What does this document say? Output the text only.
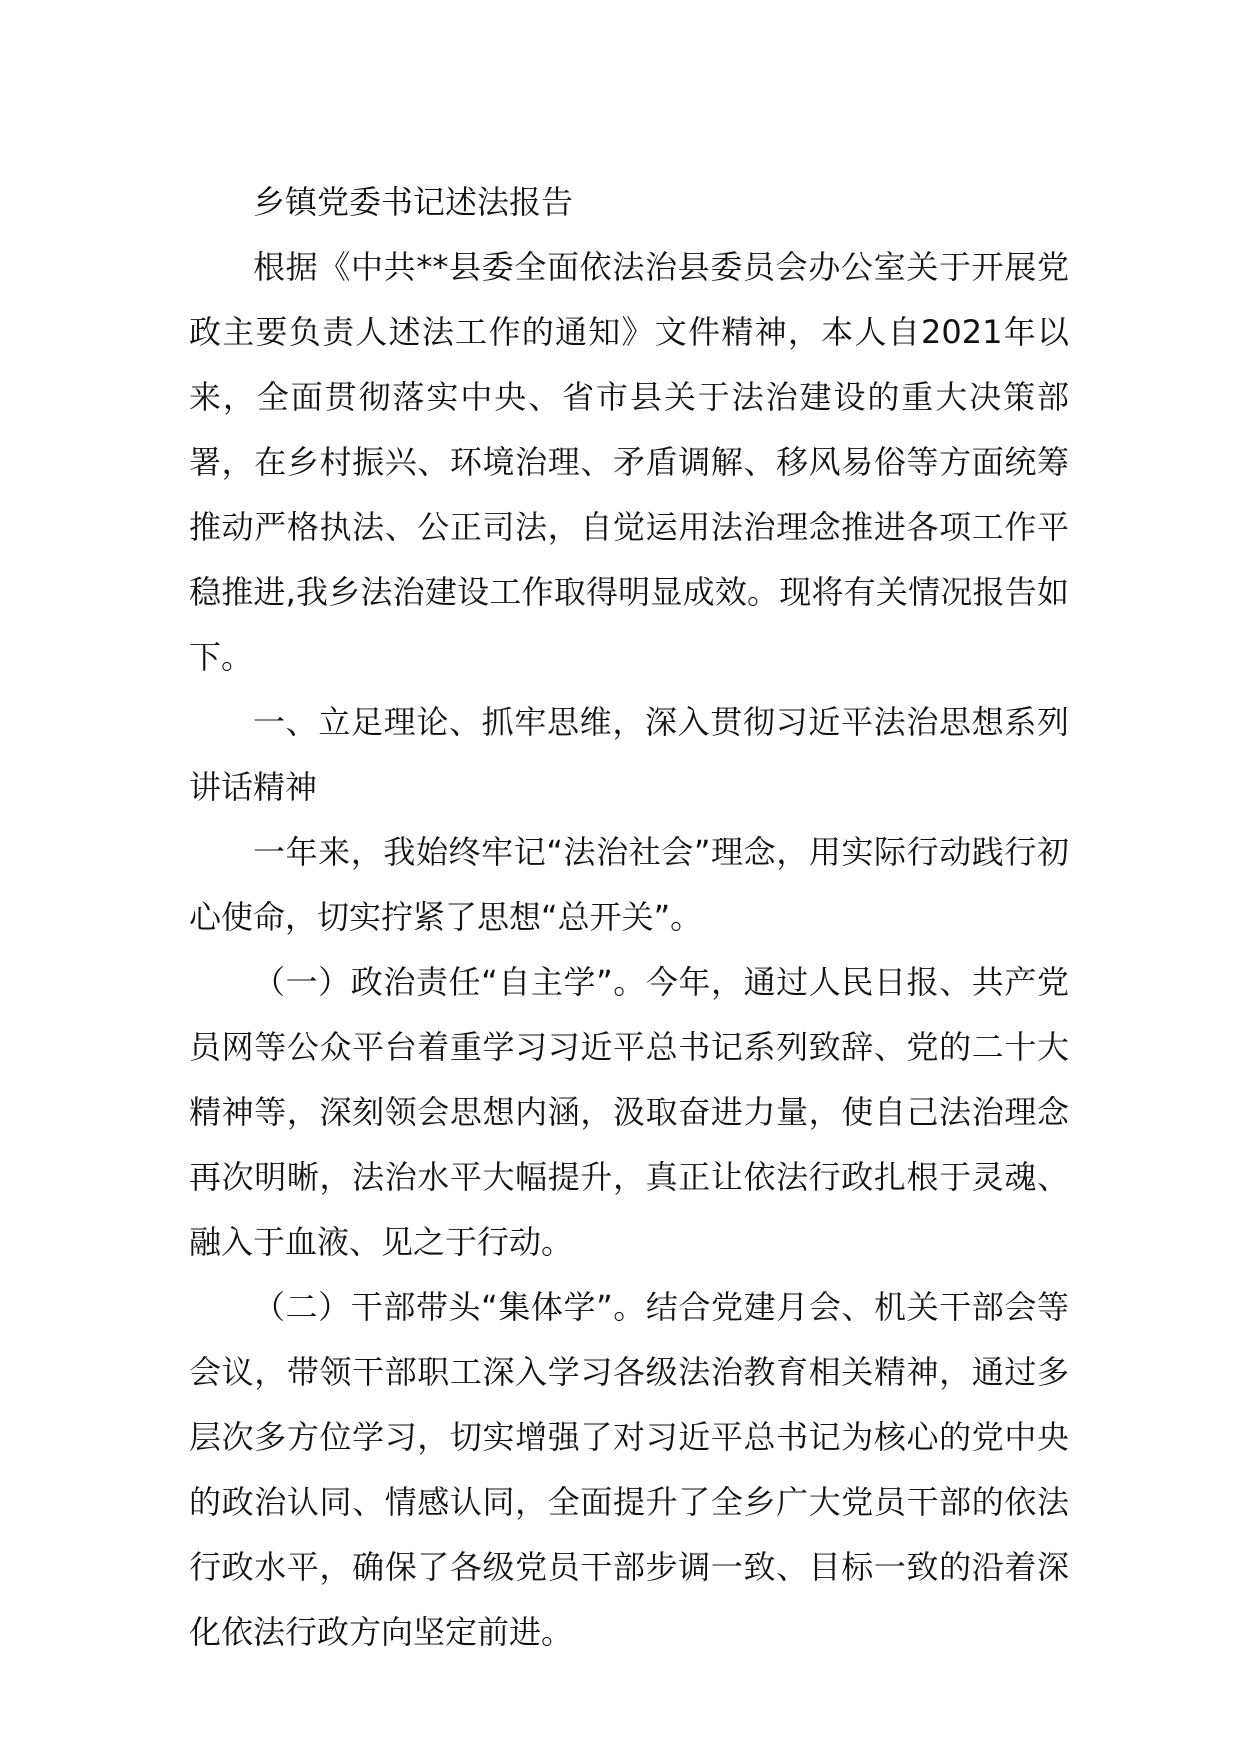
乡镇党委书记述法报告

根据《中共**县委全面依法治县委员会办公室关于开展党政主要负责人述法工作的通知》文件精神，本人自2021年以来，全面贯彻落实中央、省市县关于法治建设的重大决策部署，在乡村振兴、环境治理、矛盾调解、移风易俗等方面统筹推动严格执法、公正司法，自觉运用法治理念推进各项工作平稳推进,我乡法治建设工作取得明显成效。现将有关情况报告如下。

一、立足理论、抓牢思维，深入贯彻习近平法治思想系列讲话精神

一年来，我始终牢记“法治社会”理念，用实际行动践行初心使命，切实拧紧了思想“总开关”。

（一）政治责任“自主学”。今年，通过人民日报、共产党员网等公众平台着重学习习近平总书记系列致辞、党的二十大精神等，深刻领会思想内涵，汲取奋进力量，使自己法治理念再次明晰，法治水平大幅提升，真正让依法行政扎根于灵魂、融入于血液、见之于行动。

（二）干部带头“集体学”。结合党建月会、机关干部会等会议，带领干部职工深入学习各级法治教育相关精神，通过多层次多方位学习，切实增强了对习近平总书记为核心的党中央的政治认同、情感认同，全面提升了全乡广大党员干部的依法行政水平，确保了各级党员干部步调一致、目标一致的沿着深化依法行政方向坚定前进。
